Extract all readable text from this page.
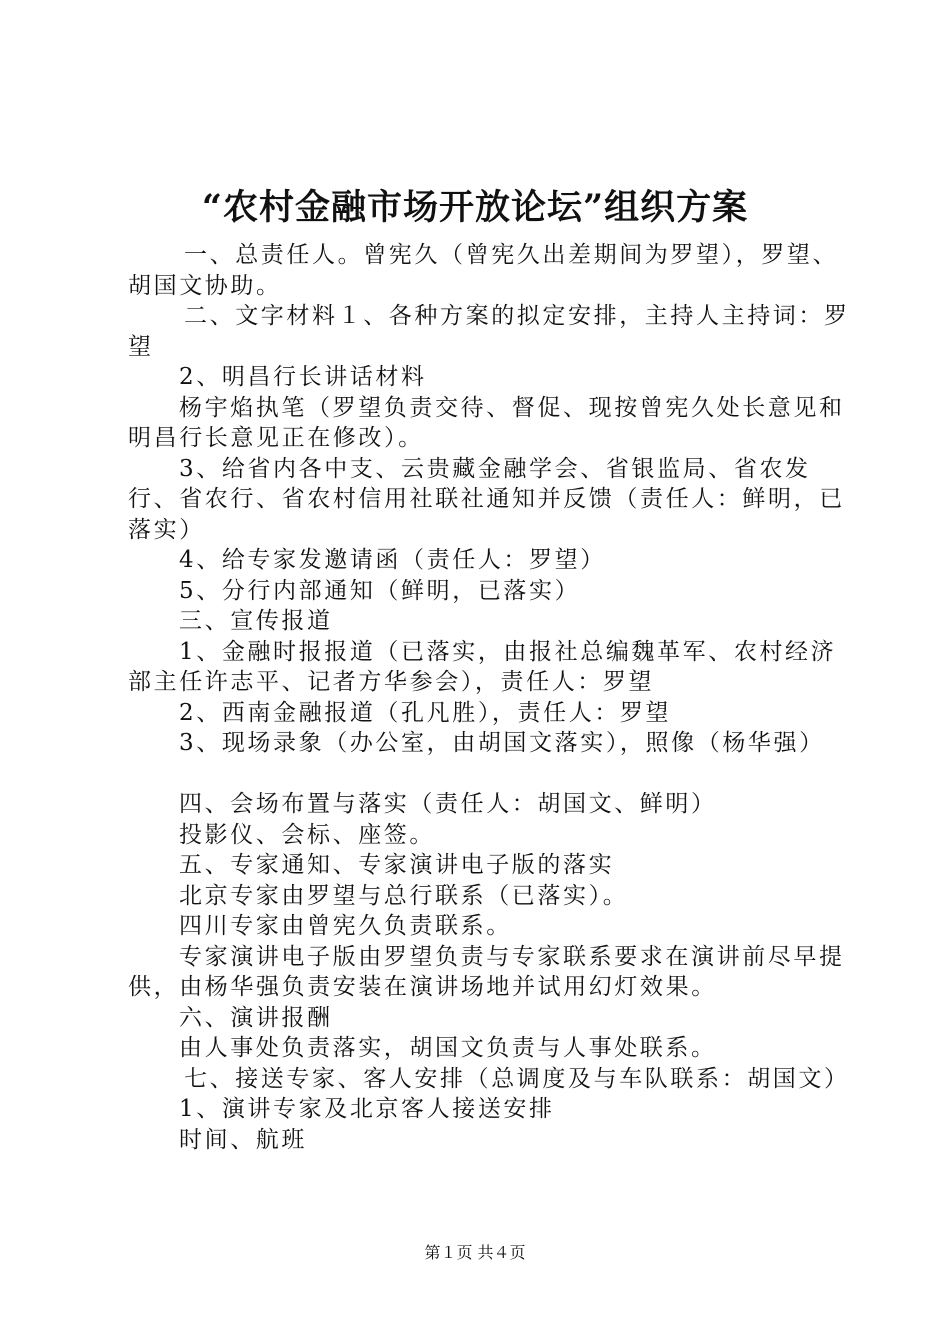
“农村金融市场开放论坛”组织方案

一、总责任人。曾宪久（曾宪久出差期间为罗望），罗望、胡国文协助。

二、文字材料１、各种方案的拟定安排，主持人主持词：罗望

2、明昌行长讲话材料

杨宇焰执笔（罗望负责交待、督促、现按曾宪久处长意见和明昌行长意见正在修改）。

3、给省内各中支、云贵藏金融学会、省银监局、省农发行、省农行、省农村信用社联社通知并反馈（责任人：鲜明，已落实）

4、给专家发邀请函（责任人：罗望）

5、分行内部通知（鲜明，已落实）

三、宣传报道

1、金融时报报道（已落实，由报社总编魏革军、农村经济部主任许志平、记者方华参会），责任人：罗望

2、西南金融报道（孔凡胜），责任人：罗望

3、现场录象（办公室，由胡国文落实），照像（杨华强）

四、会场布置与落实（责任人：胡国文、鲜明）

投影仪、会标、座签。

五、专家通知、专家演讲电子版的落实

北京专家由罗望与总行联系（已落实）。

四川专家由曾宪久负责联系。

专家演讲电子版由罗望负责与专家联系要求在演讲前尽早提供，由杨华强负责安装在演讲场地并试用幻灯效果。

六、演讲报酬

由人事处负责落实，胡国文负责与人事处联系。

七、接送专家、客人安排（总调度及与车队联系：胡国文）

1、演讲专家及北京客人接送安排

时间、航班

第１页 共４页
